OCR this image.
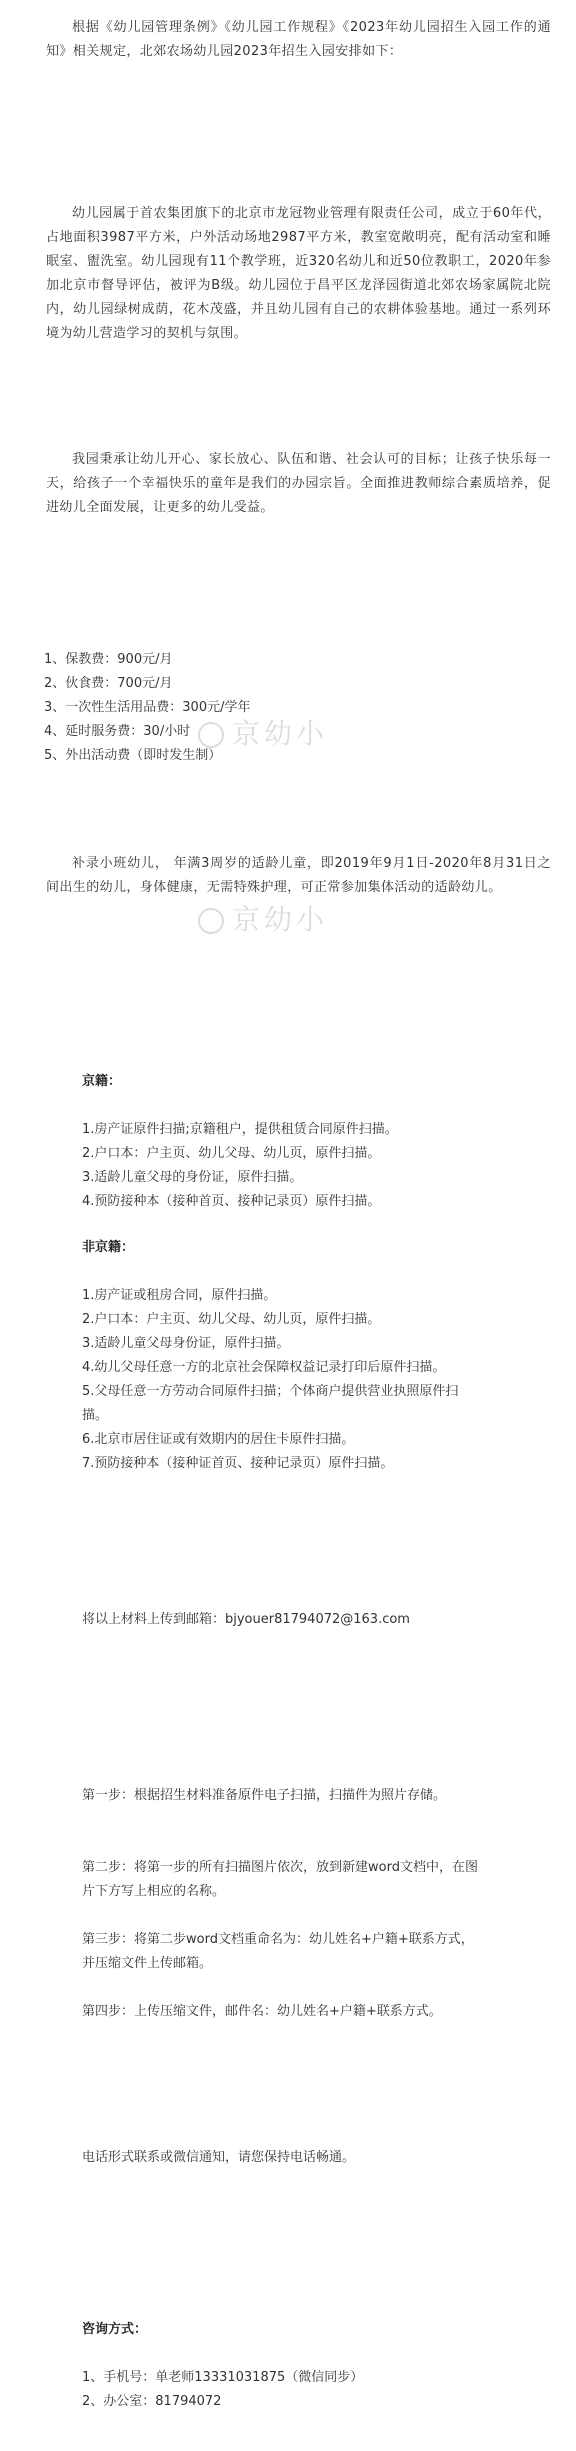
根据《幼儿园管理条例》《幼儿园工作规程》《2023年幼儿园招生入园工作的通知》相关规定，北郊农场幼儿园2023年招生入园安排如下：

幼儿园属于首农集团旗下的北京市龙冠物业管理有限责任公司，成立于60年代，占地面积3987平方米，户外活动场地2987平方米，教室宽敞明亮，配有活动室和睡眠室、盥洗室。幼儿园现有11个教学班，近320名幼儿和近50位教职工，2020年参加北京市督导评估，被评为B级。幼儿园位于昌平区龙泽园街道北郊农场家属院北院内，幼儿园绿树成荫，花木茂盛，并且幼儿园有自己的农耕体验基地。通过一系列环境为幼儿营造学习的契机与氛围。

我园秉承让幼儿开心、家长放心、队伍和谐、社会认可的目标；让孩子快乐每一天，给孩子一个幸福快乐的童年是我们的办园宗旨。全面推进教师综合素质培养，促进幼儿全面发展，让更多的幼儿受益。

1、保教费：900元/月
2、伙食费：700元/月
3、一次性生活用品费：300元/学年
4、延时服务费：30/小时
5、外出活动费（即时发生制）
京幼小
京幼小

补录小班幼儿， 年满3周岁的适龄儿童，即2019年9月1日-2020年8月31日之间出生的幼儿，身体健康，无需特殊护理，可正常参加集体活动的适龄幼儿。

京籍：
1.房产证原件扫描;京籍租户，提供租赁合同原件扫描。
2.户口本：户主页、幼儿父母、幼儿页，原件扫描。
3.适龄儿童父母的身份证，原件扫描。
4.预防接种本（接种首页、接种记录页）原件扫描。
非京籍：
1.房产证或租房合同，原件扫描。
2.户口本：户主页、幼儿父母、幼儿页，原件扫描。
3.适龄儿童父母身份证，原件扫描。
4.幼儿父母任意一方的北京社会保障权益记录打印后原件扫描。
5.父母任意一方劳动合同原件扫描；个体商户提供营业执照原件扫描。
6.北京市居住证或有效期内的居住卡原件扫描。
7.预防接种本（接种证首页、接种记录页）原件扫描。

将以上材料上传到邮箱：bjyouer81794072@163.com

第一步：根据招生材料准备原件电子扫描，扫描件为照片存储。

第二步：将第一步的所有扫描图片依次，放到新建word文档中，在图片下方写上相应的名称。

第三步：将第二步word文档重命名为：幼儿姓名+户籍+联系方式，并压缩文件上传邮箱。

第四步：上传压缩文件，邮件名：幼儿姓名+户籍+联系方式。

电话形式联系或微信通知，请您保持电话畅通。

咨询方式：
1、手机号：单老师13331031875（微信同步）
2、办公室：81794072
